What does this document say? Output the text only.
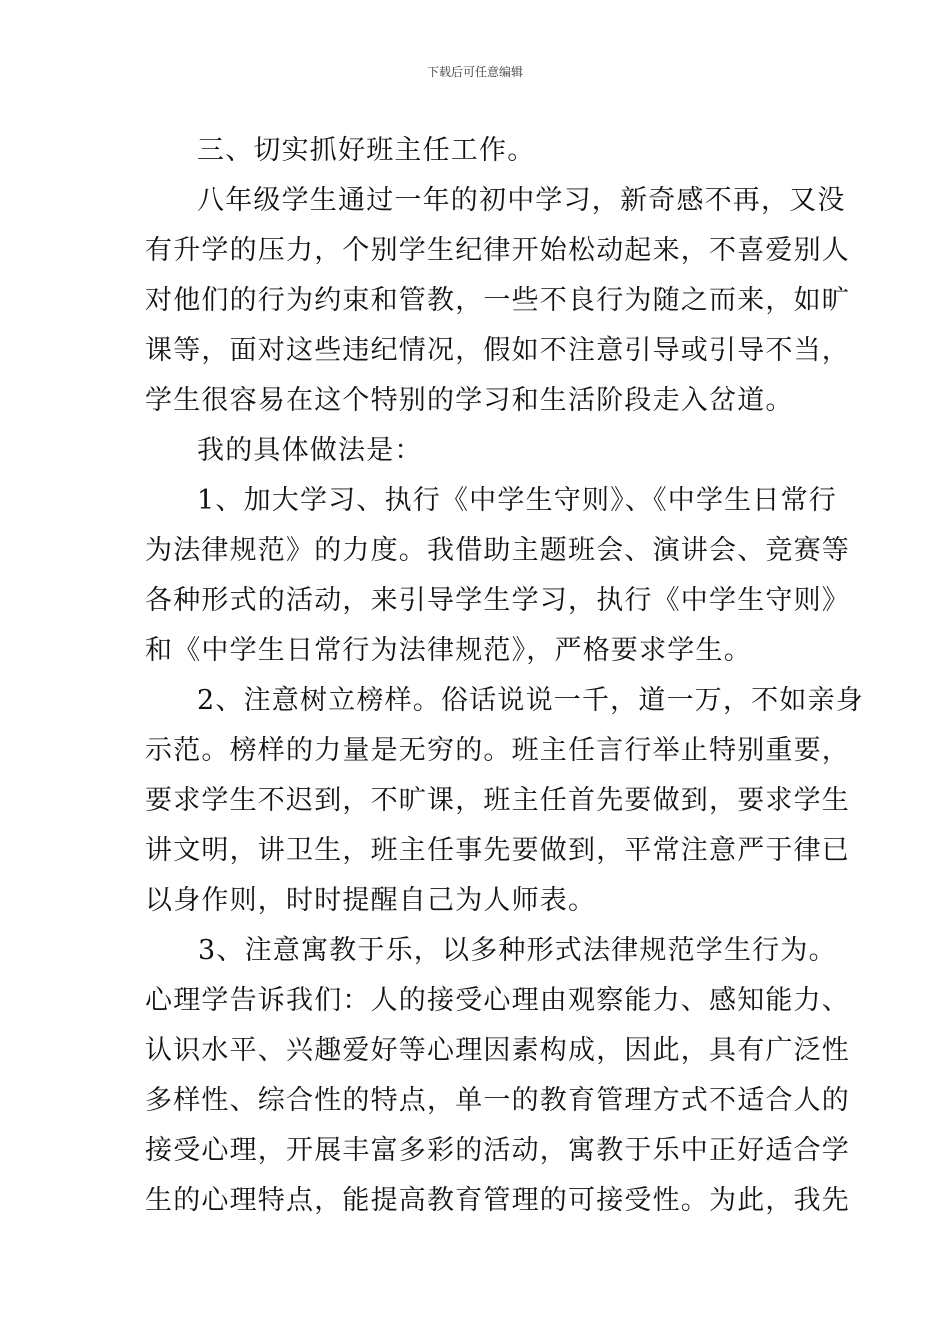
下载后可任意编辑
三、切实抓好班主任工作。
八年级学生通过一年的初中学习，新奇感不再，又没
有升学的压力，个别学生纪律开始松动起来，不喜爱别人
对他们的行为约束和管教，一些不良行为随之而来，如旷
课等，面对这些违纪情况，假如不注意引导或引导不当，
学生很容易在这个特别的学习和生活阶段走入岔道。
我的具体做法是：
1、加大学习、执行《中学生守则》、《中学生日常行
为法律规范》的力度。我借助主题班会、演讲会、竞赛等
各种形式的活动，来引导学生学习，执行《中学生守则》
和《中学生日常行为法律规范》，严格要求学生。
2、注意树立榜样。俗话说说一千，道一万，不如亲身
示范。榜样的力量是无穷的。班主任言行举止特别重要，
要求学生不迟到，不旷课，班主任首先要做到，要求学生
讲文明，讲卫生，班主任事先要做到，平常注意严于律已
以身作则，时时提醒自己为人师表。
3、注意寓教于乐，以多种形式法律规范学生行为。
心理学告诉我们：人的接受心理由观察能力、感知能力、
认识水平、兴趣爱好等心理因素构成，因此，具有广泛性
多样性、综合性的特点，单一的教育管理方式不适合人的
接受心理，开展丰富多彩的活动，寓教于乐中正好适合学
生的心理特点，能提高教育管理的可接受性。为此，我先
